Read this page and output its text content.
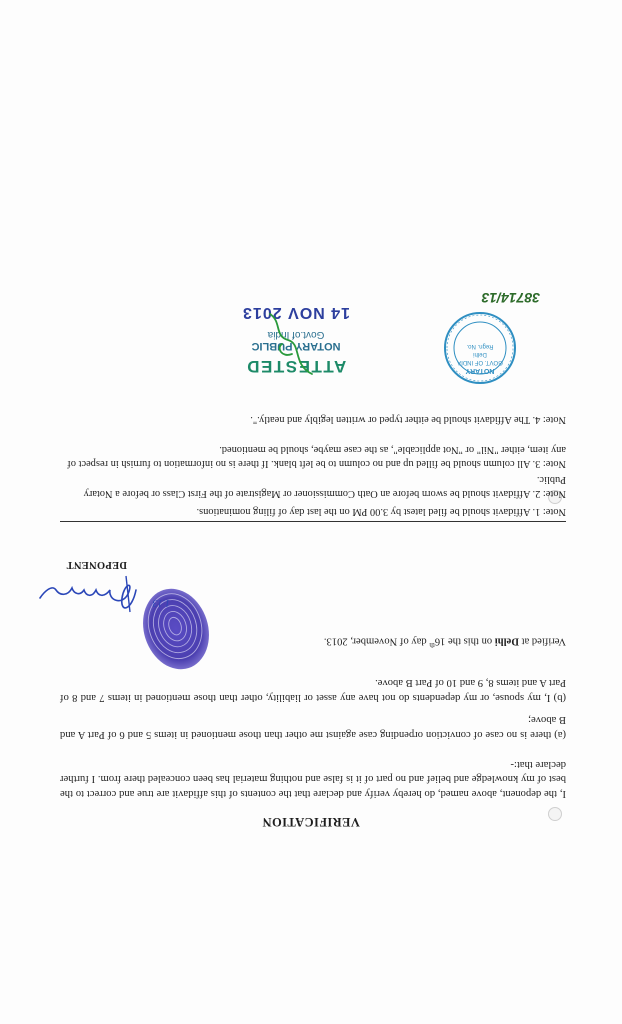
VERIFICATION

I, the deponent, above named, do hereby verify and declare that the contents of this affidavit are true and correct to the best of my knowledge and belief and no part of it is false and nothing material has been concealed there from. I further declare that:-

(a) there is no case of conviction orpending case against me other than those mentioned in items 5 and 6 of Part A and B above;

(b) I, my spouse, or my dependents do not have any asset or liability, other than those mentioned in items 7 and 8 of Part A and items 8, 9 and 10 of Part B above.

Verified at Delhi on this the 16th day of November, 2013.
1.13
DEPONENT
Note: 1. Affidavit should be filed latest by 3.00 PM on the last day of filing nominations.
Note: 2. Affidavit should be sworn before an Oath Commissioner or Magistrate of the First Class or before a Notary Public.
Note: 3. All column should be filled up and no column to be left blank. If there is no information to furnish in respect of any item, either "Nil" or "Not applicable", as the case maybe, should be mentioned.
Note: 4. The Affidavit should be either typed or written legibly and neatly.".
NOTARY
GOVT. OF INDIA
Delhi
Regn. No.
38714/13
ATTESTED
NOTARY PUBLIC
Govt.of India
14 NOV 2013
